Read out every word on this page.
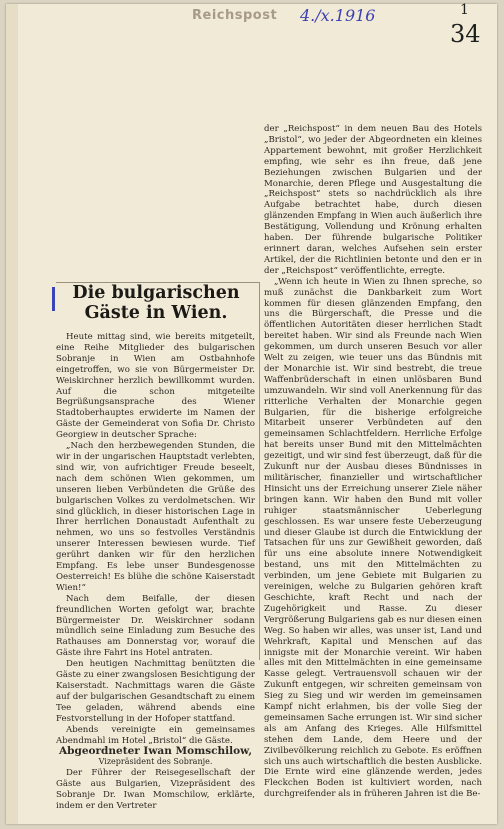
Reichspost 4./x.1916	1
34
Die bulgarischen Gäste in Wien.

Heute mittag sind, wie bereits mitgeteilt, eine Reihe Mitglieder des bulgarischen Sobranje in Wien am Ostbahnhofe eingetroffen, wo sie von Bürgermeister Dr. Weiskirchner herzlich bewillkommt wurden. Auf die schon mitgeteilte Begrüßungsansprache des Wiener Stadtoberhauptes erwiderte im Namen der Gäste der Gemeinderat von Sofia Dr. Christo Georgiew in deutscher Sprache:

„Nach den herzbewegenden Stunden, die wir in der ungarischen Hauptstadt verlebten, sind wir, von aufrichtiger Freude beseelt, nach dem schönen Wien gekommen, um unseren lieben Verbündeten die Grüße des bulgarischen Volkes zu verdolmetschen. Wir sind glücklich, in dieser historischen Lage in Ihrer herrlichen Donaustadt Aufenthalt zu nehmen, wo uns so festvolles Verständnis unserer Interessen bewiesen wurde. Tief gerührt danken wir für den herzlichen Empfang. Es lebe unser Bundesgenosse Oesterreich! Es blühe die schöne Kaiserstadt Wien!“

Nach dem Beifalle, der diesen freundlichen Worten gefolgt war, brachte Bürgermeister Dr. Weiskirchner sodann mündlich seine Einladung zum Besuche des Rathauses am Donnerstag vor, worauf die Gäste ihre Fahrt ins Hotel antraten.

Den heutigen Nachmittag benützten die Gäste zu einer zwangslosen Besichtigung der Kaiserstadt. Nachmittags waren die Gäste auf der bulgarischen Gesandtschaft zu einem Tee geladen, während abends eine Festvorstellung in der Hofoper stattfand.

Abends vereinigte ein gemeinsames Abendmahl im Hotel „Bristol“ die Gäste.

Abgeordneter Iwan Momschilow,

Vizepräsident des Sobranje.

Der Führer der Reisegesellschaft der Gäste aus Bulgarien, Vizepräsident des Sobranje Dr. Iwan Momschilow, erklärte, indem er den Vertreter

der „Reichspost“ in dem neuen Bau des Hotels „Bristol“, wo jeder der Abgeordneten ein kleines Appartement bewohnt, mit großer Herzlichkeit empfing, wie sehr es ihn freue, daß jene Beziehungen zwischen Bulgarien und der Monarchie, deren Pflege und Ausgestaltung die „Reichspost“ stets so nachdrücklich als ihre Aufgabe betrachtet habe, durch diesen glänzenden Empfang in Wien auch äußerlich ihre Bestätigung, Vollendung und Krönung erhalten haben. Der führende bulgarische Politiker erinnert daran, welches Aufsehen sein erster Artikel, der die Richtlinien betonte und den er in der „Reichspost“ veröffentlichte, erregte.

„Wenn ich heute in Wien zu Ihnen spreche, so muß zunächst die Dankbarkeit zum Wort kommen für diesen glänzenden Empfang, den uns die Bürgerschaft, die Presse und die öffentlichen Autoritäten dieser herrlichen Stadt bereitet haben. Wir sind als Freunde nach Wien gekommen, um durch unseren Besuch vor aller Welt zu zeigen, wie teuer uns das Bündnis mit der Monarchie ist. Wir sind bestrebt, die treue Waffenbrüderschaft in einen unlösbaren Bund umzuwandeln. Wir sind voll Anerkennung für das ritterliche Verhalten der Monarchie gegen Bulgarien, für die bisherige erfolgreiche Mitarbeit unserer Verbündeten auf den gemeinsamen Schlachtfeldern. Herrliche Erfolge hat bereits unser Bund mit den Mittelmächten gezeitigt, und wir sind fest überzeugt, daß für die Zukunft nur der Ausbau dieses Bündnisses in militärischer, finanzieller und wirtschaftlicher Hinsicht uns der Erreichung unserer Ziele näher bringen kann. Wir haben den Bund mit voller ruhiger staatsmännischer Ueberlegung geschlossen. Es war unsere feste Ueberzeugung und dieser Glaube ist durch die Entwicklung der Tatsachen für uns zur Gewißheit geworden, daß für uns eine absolute innere Notwendigkeit bestand, uns mit den Mittelmächten zu verbinden, um jene Gebiete mit Bulgarien zu vereinigen, welche zu Bulgarien gehören kraft Geschichte, kraft Recht und nach der Zugehörigkeit und Rasse. Zu dieser Vergrößerung Bulgariens gab es nur diesen einen Weg. So haben wir alles, was unser ist, Land und Wehrkraft, Kapital und Menschen auf das innigste mit der Monarchie vereint. Wir haben alles mit den Mittelmächten in eine gemeinsame Kasse gelegt. Vertrauensvoll schauen wir der Zukunft entgegen, wir schreiten gemeinsam von Sieg zu Sieg und wir werden im gemeinsamen Kampf nicht erlahmen, bis der volle Sieg der gemeinsamen Sache errungen ist. Wir sind sicher als am Anfang des Krieges. Alle Hilfsmittel stehen dem Lande, dem Heere und der Zivilbevölkerung reichlich zu Gebote. Es eröffnen sich uns auch wirtschaftlich die besten Ausblicke. Die Ernte wird eine glänzende werden, jedes Fleckchen Boden ist kultiviert worden, nach durchgreifender als in früheren Jahren ist die Be-
